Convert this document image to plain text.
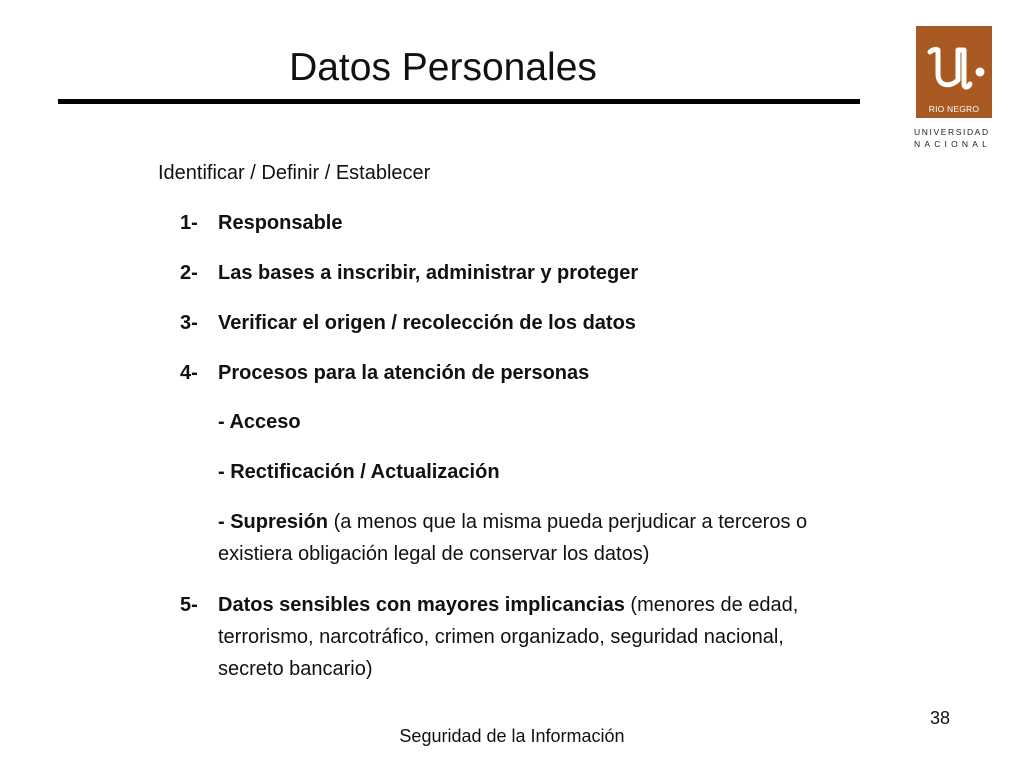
Datos Personales
RIO NEGRO
UNIVERSIDAD
NACIONAL
Identificar / Definir / Establecer
1- Responsable
2- Las bases a inscribir, administrar y proteger
3- Verificar el origen / recolección de los datos
4- Procesos para la atención de personas
- Acceso
- Rectificación / Actualización
- Supresión (a menos que la misma pueda perjudicar a terceros o
existiera obligación legal de conservar los datos)
5- Datos sensibles con mayores implicancias (menores de edad,
terrorismo, narcotráfico, crimen organizado, seguridad nacional,
secreto bancario)
38
Seguridad de la Información
